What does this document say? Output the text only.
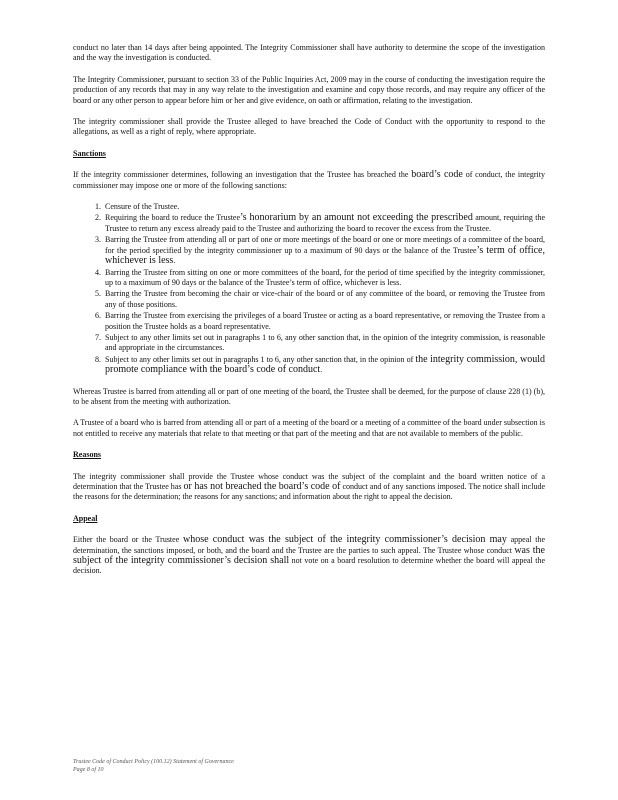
conduct no later than 14 days after being appointed. The Integrity Commissioner shall have authority to determine the scope of the investigation and the way the investigation is conducted.

The Integrity Commissioner, pursuant to section 33 of the Public Inquiries Act, 2009 may in the course of conducting the investigation require the production of any records that may in any way relate to the investigation and examine and copy those records, and may require any officer of the board or any other person to appear before him or her and give evidence, on oath or affirmation, relating to the investigation.

The integrity commissioner shall provide the Trustee alleged to have breached the Code of Conduct with the opportunity to respond to the allegations, as well as a right of reply, where appropriate.

Sanctions

If the integrity commissioner determines, following an investigation that the Trustee has breached the board’s code of conduct, the integrity commissioner may impose one or more of the following sanctions:

1. Censure of the Trustee.
2. Requiring the board to reduce the Trustee’s honorarium by an amount not exceeding the prescribed amount, requiring the Trustee to return any excess already paid to the Trustee and authorizing the board to recover the excess from the Trustee.
3. Barring the Trustee from attending all or part of one or more meetings of the board or one or more meetings of a committee of the board, for the period specified by the integrity commissioner up to a maximum of 90 days or the balance of the Trustee’s term of office, whichever is less.
4. Barring the Trustee from sitting on one or more committees of the board, for the period of time specified by the integrity commissioner, up to a maximum of 90 days or the balance of the Trustee’s term of office, whichever is less.
5. Barring the Trustee from becoming the chair or vice-chair of the board or of any committee of the board, or removing the Trustee from any of those positions.
6. Barring the Trustee from exercising the privileges of a board Trustee or acting as a board representative, or removing the Trustee from a position the Trustee holds as a board representative.
7. Subject to any other limits set out in paragraphs 1 to 6, any other sanction that, in the opinion of the integrity commission, is reasonable and appropriate in the circumstances.
8. Subject to any other limits set out in paragraphs 1 to 6, any other sanction that, in the opinion of the integrity commission, would promote compliance with the board’s code of conduct.

Whereas Trustee is barred from attending all or part of one meeting of the board, the Trustee shall be deemed, for the purpose of clause 228 (1) (b), to be absent from the meeting with authorization.

A Trustee of a board who is barred from attending all or part of a meeting of the board or a meeting of a committee of the board under subsection is not entitled to receive any materials that relate to that meeting or that part of the meeting and that are not available to members of the public.

Reasons

The integrity commissioner shall provide the Trustee whose conduct was the subject of the complaint and the board written notice of a determination that the Trustee has or has not breached the board’s code of conduct and of any sanctions imposed. The notice shall include the reasons for the determination; the reasons for any sanctions; and information about the right to appeal the decision.

Appeal

Either the board or the Trustee whose conduct was the subject of the integrity commissioner’s decision may appeal the determination, the sanctions imposed, or both, and the board and the Trustee are the parties to such appeal. The Trustee whose conduct was the subject of the integrity commissioner’s decision shall not vote on a board resolution to determine whether the board will appeal the decision.

Trustee Code of Conduct Policy (100.12) Statement of Governance
Page 8 of 10
